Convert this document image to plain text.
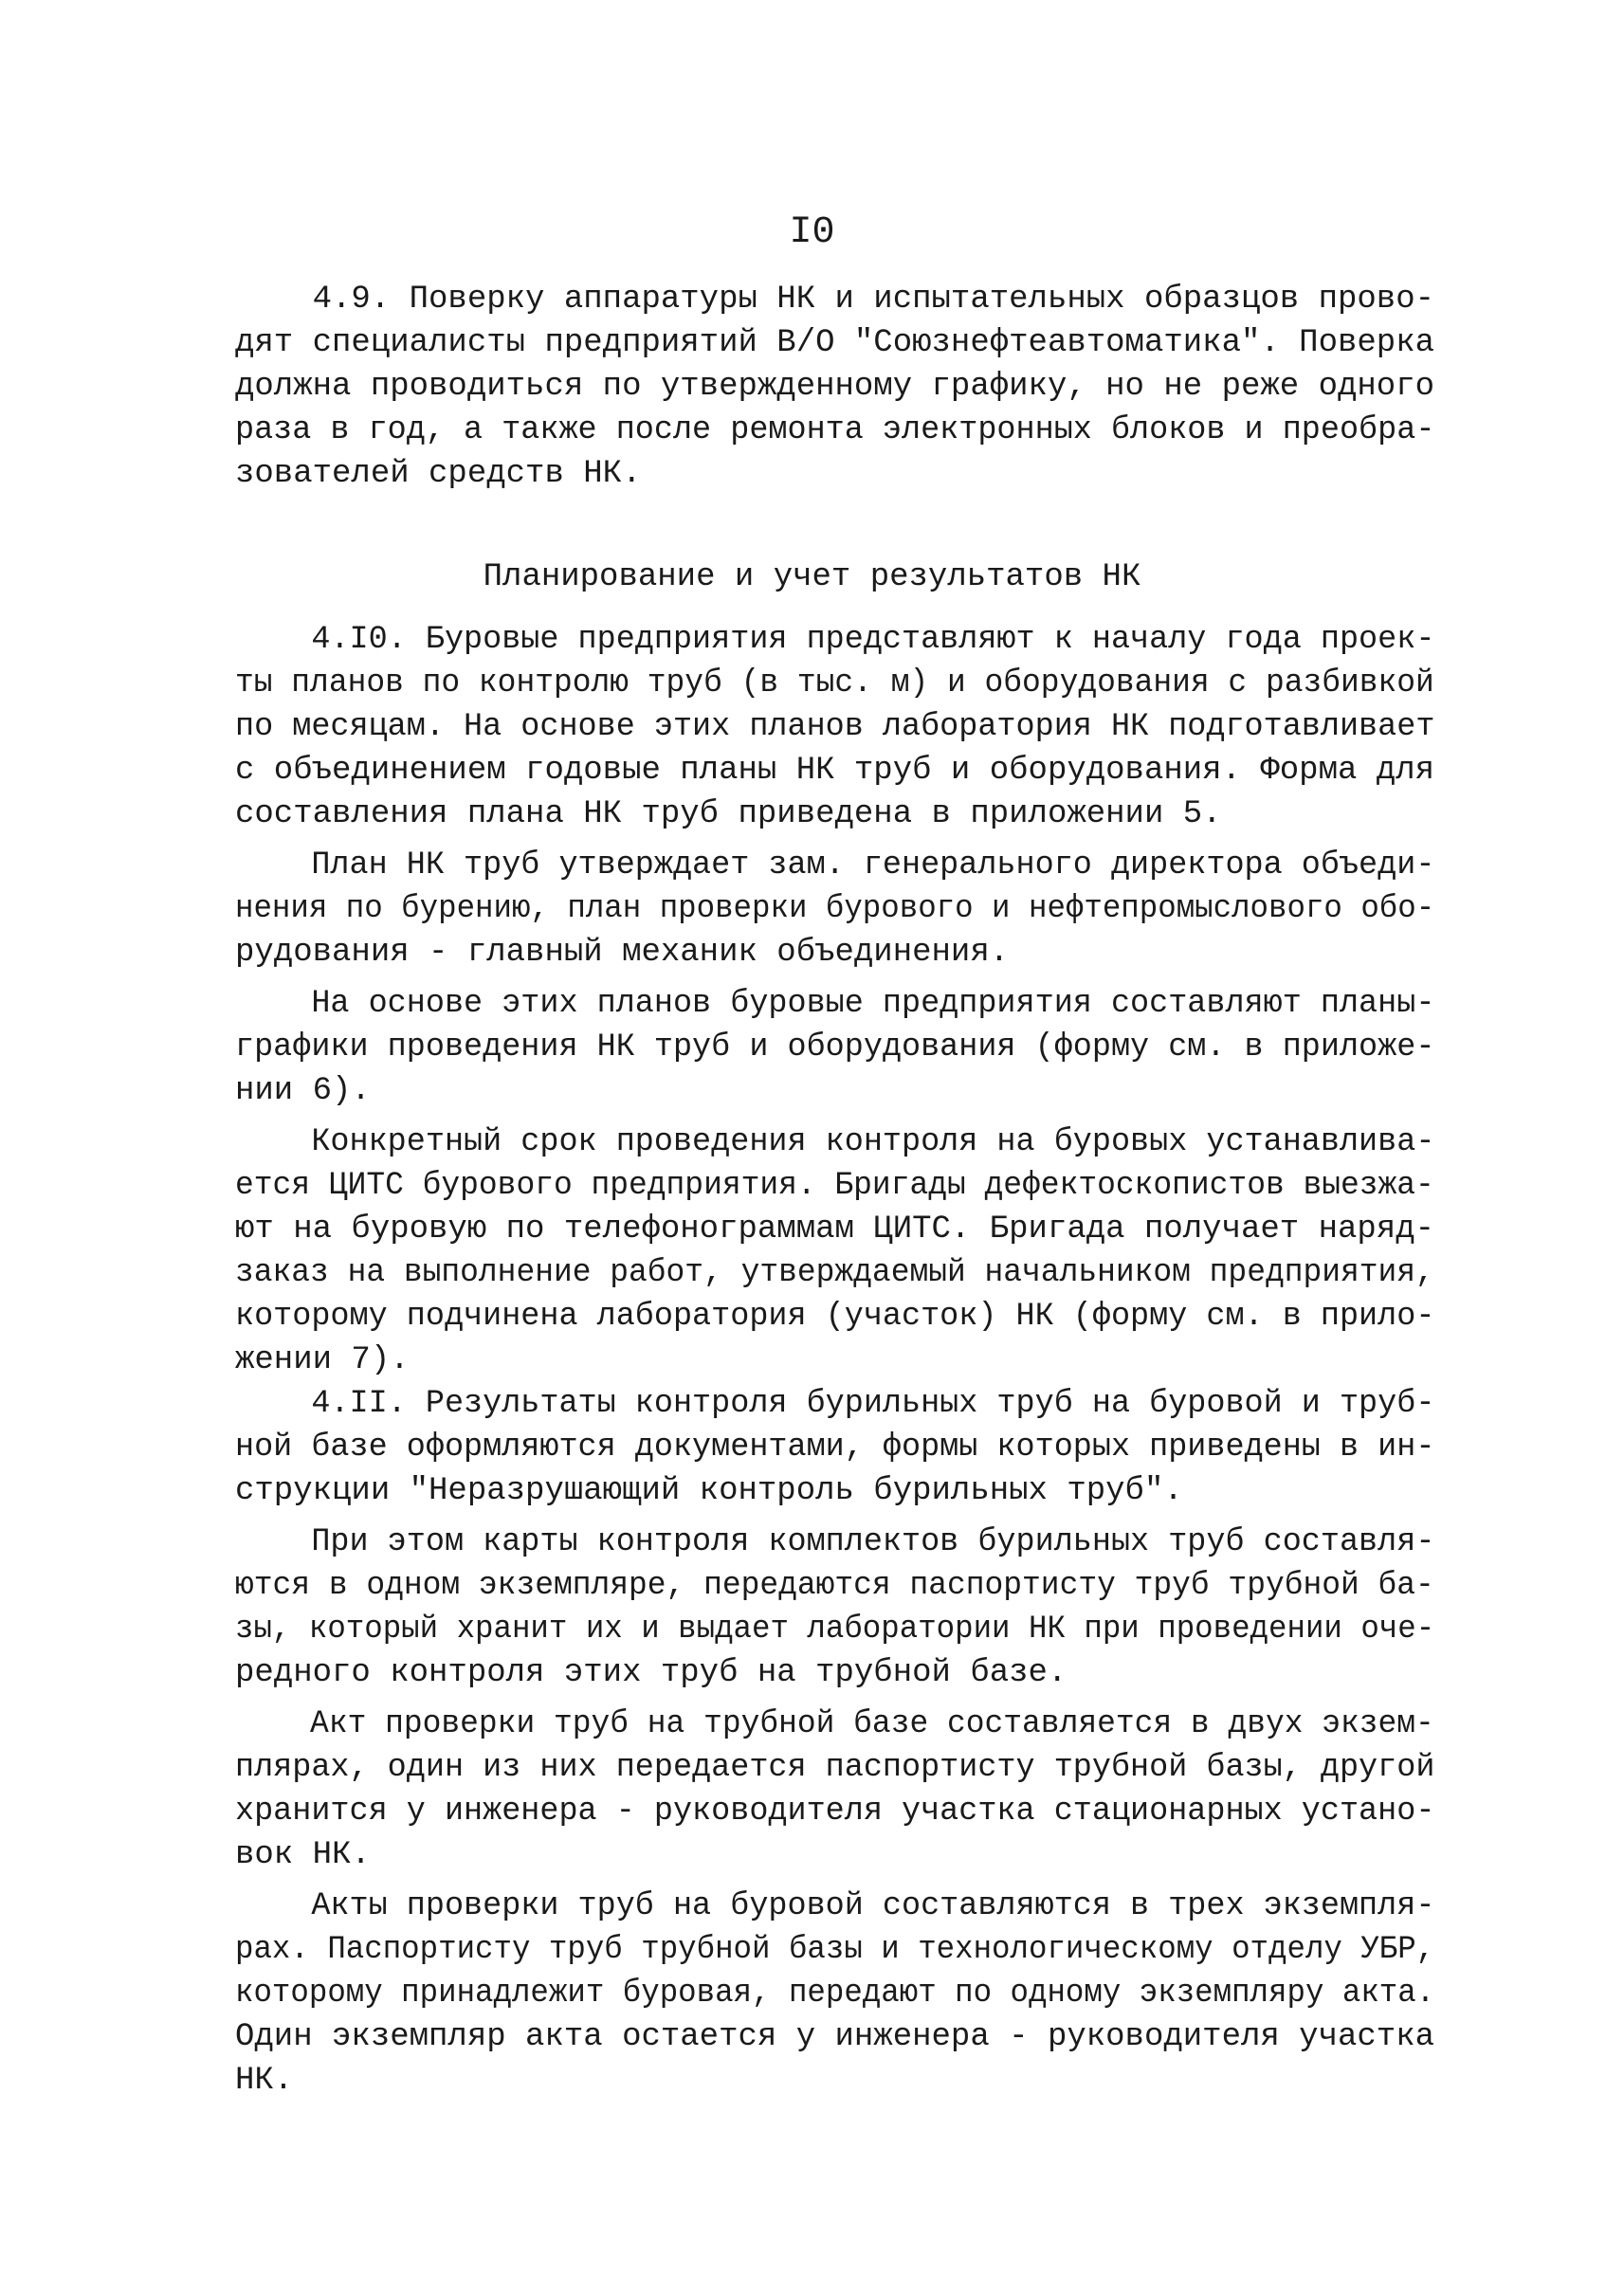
I0
4.9. Поверку аппаратуры НК и испытательных образцов прово-
дят специалисты предприятий В/О "Союзнефтеавтоматика". Поверка
должна проводиться по утвержденному графику, но не реже одного
раза в год, а также после ремонта электронных блоков и преобра-
зователей средств НК.
Планирование и учет результатов НК
4.I0. Буровые предприятия представляют к началу года проек-
ты планов по контролю труб (в тыс. м) и оборудования с разбивкой
по месяцам. На основе этих планов лаборатория НК подготавливает
с объединением годовые планы НК труб и оборудования. Форма для
составления плана НК труб приведена в приложении 5.
План НК труб утверждает зам. генерального директора объеди-
нения по бурению, план проверки бурового и нефтепромыслового обо-
рудования - главный механик объединения.
На основе этих планов буровые предприятия составляют планы-
графики проведения НК труб и оборудования (форму см. в приложе-
нии 6).
Конкретный срок проведения контроля на буровых устанавлива-
ется ЦИТС бурового предприятия. Бригады дефектоскопистов выезжа-
ют на буровую по телефонограммам ЦИТС. Бригада получает наряд-
заказ на выполнение работ, утверждаемый начальником предприятия,
которому подчинена лаборатория (участок) НК (форму см. в прило-
жении 7).
4.II. Результаты контроля бурильных труб на буровой и труб-
ной базе оформляются документами, формы которых приведены в ин-
струкции "Неразрушающий контроль бурильных труб".
При этом карты контроля комплектов бурильных труб составля-
ются в одном экземпляре, передаются паспортисту труб трубной ба-
зы, который хранит их и выдает лаборатории НК при проведении оче-
редного контроля этих труб на трубной базе.
Акт проверки труб на трубной базе составляется в двух экзем-
плярах, один из них передается паспортисту трубной базы, другой
хранится у инженера - руководителя участка стационарных устано-
вок НК.
Акты проверки труб на буровой составляются в трех экземпля-
рах. Паспортисту труб трубной базы и технологическому отделу УБР,
которому принадлежит буровая, передают по одному экземпляру акта.
Один экземпляр акта остается у инженера - руководителя участка
НК.
